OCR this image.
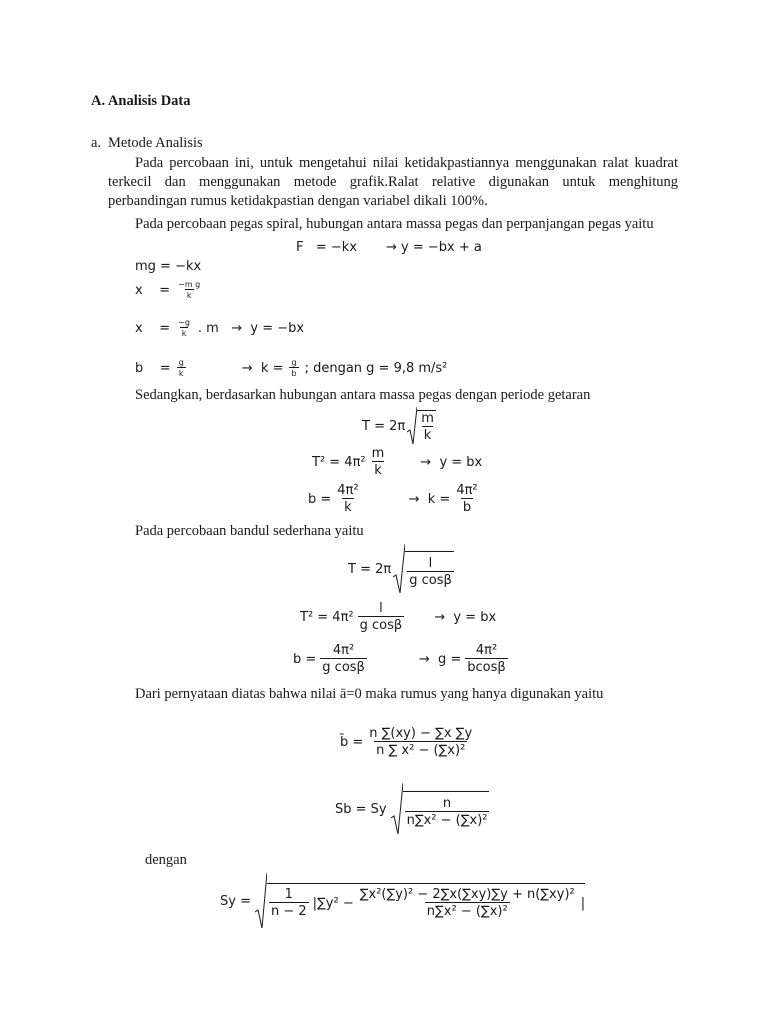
A. Analisis Data
a. Metode Analisis
Pada percobaan ini, untuk mengetahui nilai ketidakpastiannya menggunakan ralat kuadrat terkecil dan menggunakan metode grafik.Ralat relative digunakan untuk menghitung perbandingan rumus ketidakpastian dengan variabel dikali 100%.
Pada percobaan pegas spiral, hubungan antara massa pegas dan perpanjangan pegas yaitu
F   = −kx → y = −bx + a
mg = −kx
x    = $\frac{\text{−m g}}{k}$
x    = $\frac{-g}{k}$ . m   →  y = −bx
b    = $\frac{g}{k}$	→  $k = \frac{g}{b}$ ; dengan g = 9,8 m/s²
Sedangkan, berdasarkan hubungan antara massa pegas dengan periode getaran
$T = 2\pi \frac{m}{k}$
$T^2 = 4\pi^2 \frac{m}{k}$	→  y = bx
$b = \frac{\text{4π²}}{k}$	→  $k = \frac{\text{4π²}}{b}$
Pada percobaan bandul sederhana yaitu
$T = 2\pi \frac{l}{\text{g cosβ}}$
$T^2 = 4\pi^2 \frac{l}{\text{g cosβ}} \to y$ = bx
$b = \frac{\text{4π²}}{\text{g cosβ}}$	→  $g = \frac{\text{4π²}}{bcos\beta}$
Dari pernyataan diatas bahwa nilai ā=0 maka rumus yang hanya digunakan yaitu
b̄ = $\frac{n \sum(xy) - \sum x \sum y}{\text{n ∑ x² − (∑x)²}}$
Sb = Sy $\frac{n}{\text{n∑x² − (∑x)²}}$
dengan
$Sy = \frac{1}{n - 2} |\sum y^2 - \frac{\text{∑x²(∑y)² − 2∑x(∑xy)∑y + n(∑xy)²}}{\text{n∑x² − (∑x)²}}$ |
